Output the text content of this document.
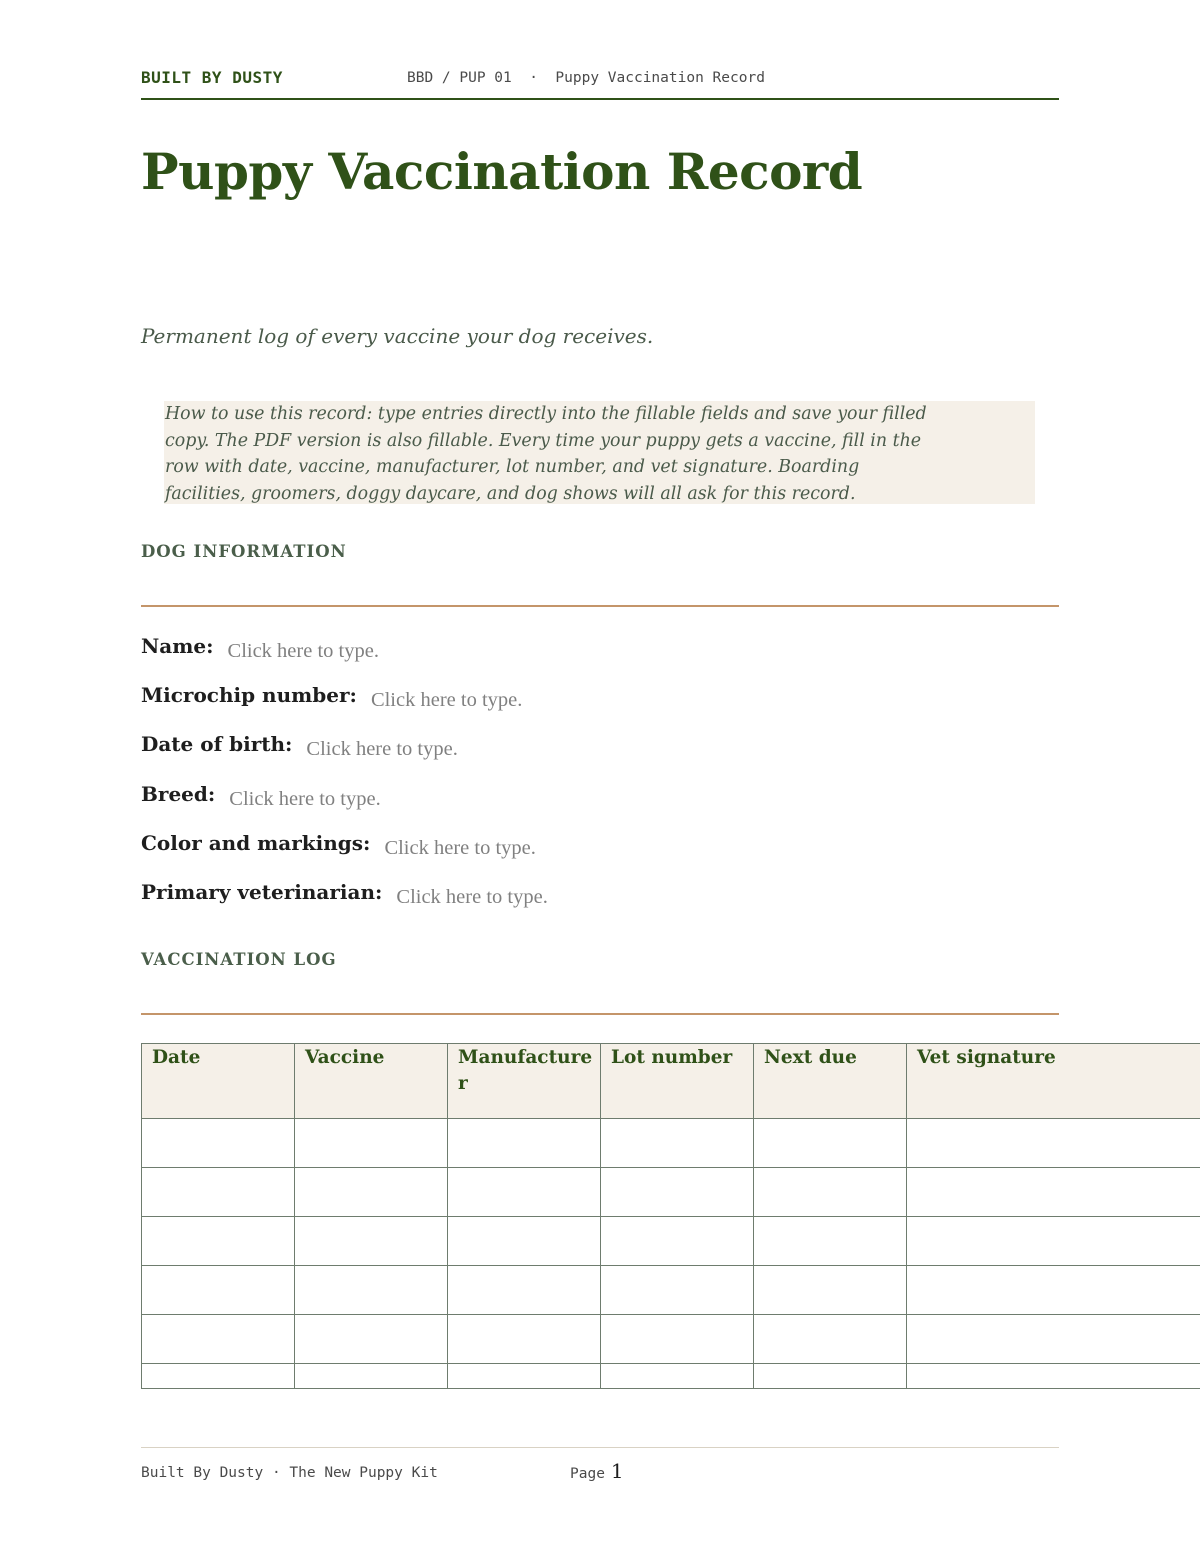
BUILT BY DUSTY	BBD / PUP 01  ·  Puppy Vaccination Record
Puppy Vaccination Record
Permanent log of every vaccine your dog receives.

How to use this record: type entries directly into the fillable fields and save your filled

copy. The PDF version is also fillable. Every time your puppy gets a vaccine, fill in the

row with date, vaccine, manufacturer, lot number, and vet signature. Boarding

facilities, groomers, doggy daycare, and dog shows will all ask for this record.

DOG INFORMATION
Name: Click here to type.
Microchip number: Click here to type.
Date of birth: Click here to type.
Breed: Click here to type.
Color and markings: Click here to type.
Primary veterinarian: Click here to type.
VACCINATION LOG
Date	Vaccine	Manufacturer	Lot number	Next due	Vet signature

Built By Dusty · The New Puppy Kit	Page 1
